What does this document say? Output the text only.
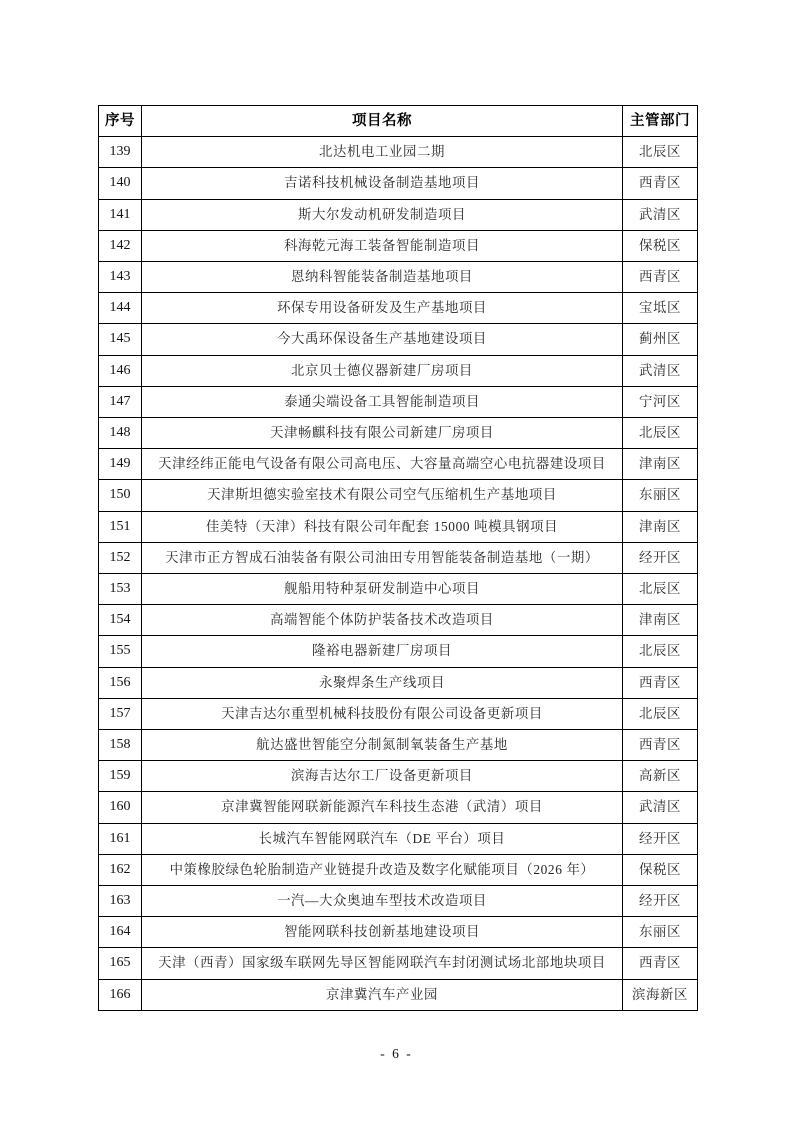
序号	项目名称	主管部门
139	北达机电工业园二期	北辰区
140	吉诺科技机械设备制造基地项目	西青区
141	斯大尔发动机研发制造项目	武清区
142	科海乾元海工装备智能制造项目	保税区
143	恩纳科智能装备制造基地项目	西青区
144	环保专用设备研发及生产基地项目	宝坻区
145	今大禹环保设备生产基地建设项目	蓟州区
146	北京贝士德仪器新建厂房项目	武清区
147	泰通尖端设备工具智能制造项目	宁河区
148	天津畅麒科技有限公司新建厂房项目	北辰区
149	天津经纬正能电气设备有限公司高电压、大容量高端空心电抗器建设项目	津南区
150	天津斯坦德实验室技术有限公司空气压缩机生产基地项目	东丽区
151	佳美特（天津）科技有限公司年配套 15000 吨模具钢项目	津南区
152	天津市正方智成石油装备有限公司油田专用智能装备制造基地（一期）	经开区
153	舰船用特种泵研发制造中心项目	北辰区
154	高端智能个体防护装备技术改造项目	津南区
155	隆裕电器新建厂房项目	北辰区
156	永聚焊条生产线项目	西青区
157	天津吉达尔重型机械科技股份有限公司设备更新项目	北辰区
158	航达盛世智能空分制氮制氧装备生产基地	西青区
159	滨海吉达尔工厂设备更新项目	高新区
160	京津冀智能网联新能源汽车科技生态港（武清）项目	武清区
161	长城汽车智能网联汽车（DE 平台）项目	经开区
162	中策橡胶绿色轮胎制造产业链提升改造及数字化赋能项目（2026 年）	保税区
163	一汽—大众奥迪车型技术改造项目	经开区
164	智能网联科技创新基地建设项目	东丽区
165	天津（西青）国家级车联网先导区智能网联汽车封闭测试场北部地块项目	西青区
166	京津冀汽车产业园	滨海新区
- 6 -
